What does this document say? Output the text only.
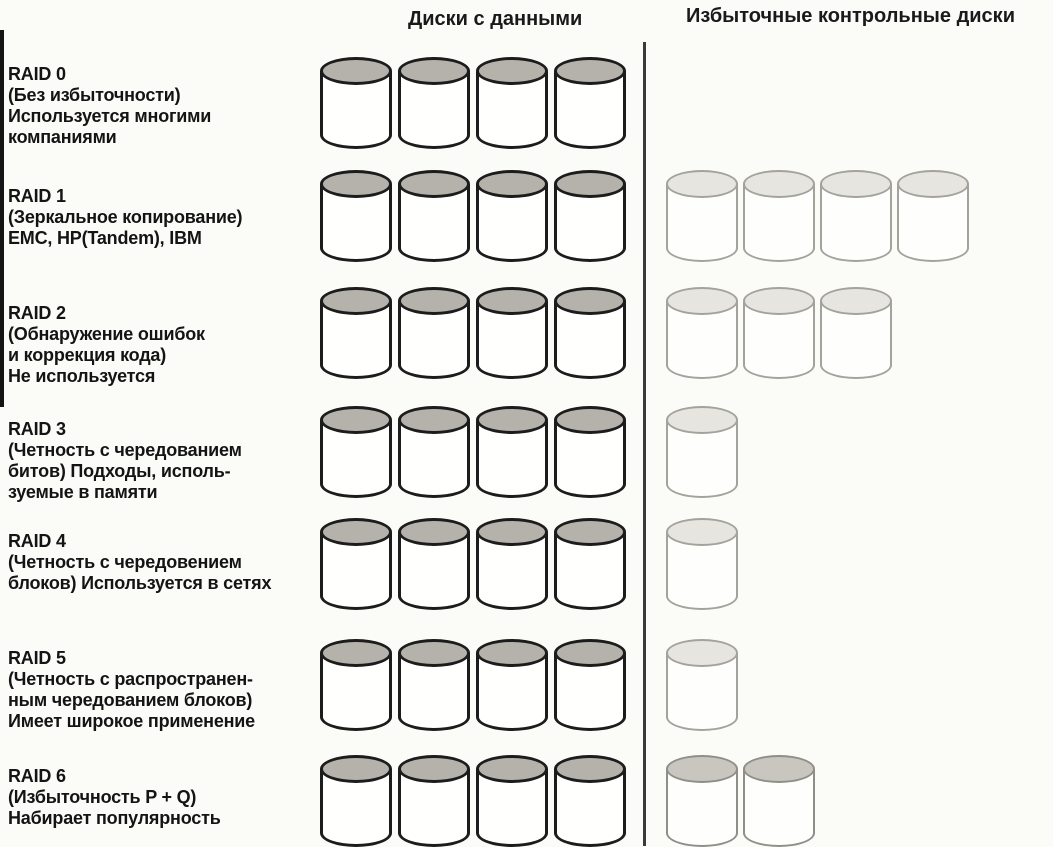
Диски с данными	Избыточные контрольные диски
RAID 0
(Без избыточности)
Используется многими
компаниями
RAID 1
(Зеркальное копирование)
EMC, HP(Tandem), IBM
RAID 2
(Обнаружение ошибок
и коррекция кода)
Не используется
RAID 3
(Четность с чередованием
битов) Подходы, исполь-
зуемые в памяти
RAID 4
(Четность с чередовением
блоков) Используется в сетях
RAID 5
(Четность с распространен-
ным чередованием блоков)
Имеет широкое применение
RAID 6
(Избыточность P + Q)
Набирает популярность
